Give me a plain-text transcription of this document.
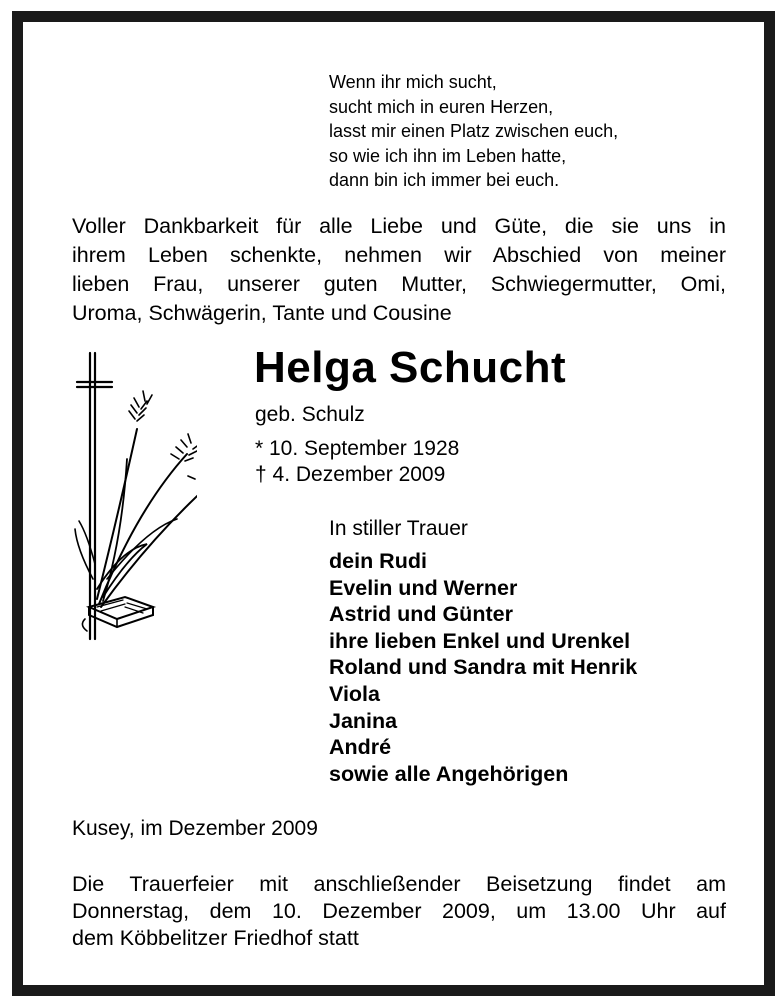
Wenn ihr mich sucht,
sucht mich in euren Herzen,
lasst mir einen Platz zwischen euch,
so wie ich ihn im Leben hatte,
dann bin ich immer bei euch.
Voller Dankbarkeit für alle Liebe und Güte, die sie uns in
ihrem Leben schenkte, nehmen wir Abschied von meiner
lieben Frau, unserer guten Mutter, Schwiegermutter, Omi,
Uroma, Schwägerin, Tante und Cousine
Helga Schucht
geb. Schulz
* 10. September 1928
† 4. Dezember 2009
In stiller Trauer
dein Rudi
Evelin und Werner
Astrid und Günter
ihre lieben Enkel und Urenkel
Roland und Sandra mit Henrik
Viola
Janina
André
sowie alle Angehörigen
Kusey, im Dezember 2009
Die Trauerfeier mit anschließender Beisetzung findet am
Donnerstag, dem 10. Dezember 2009, um 13.00 Uhr auf
dem Köbbelitzer Friedhof statt
